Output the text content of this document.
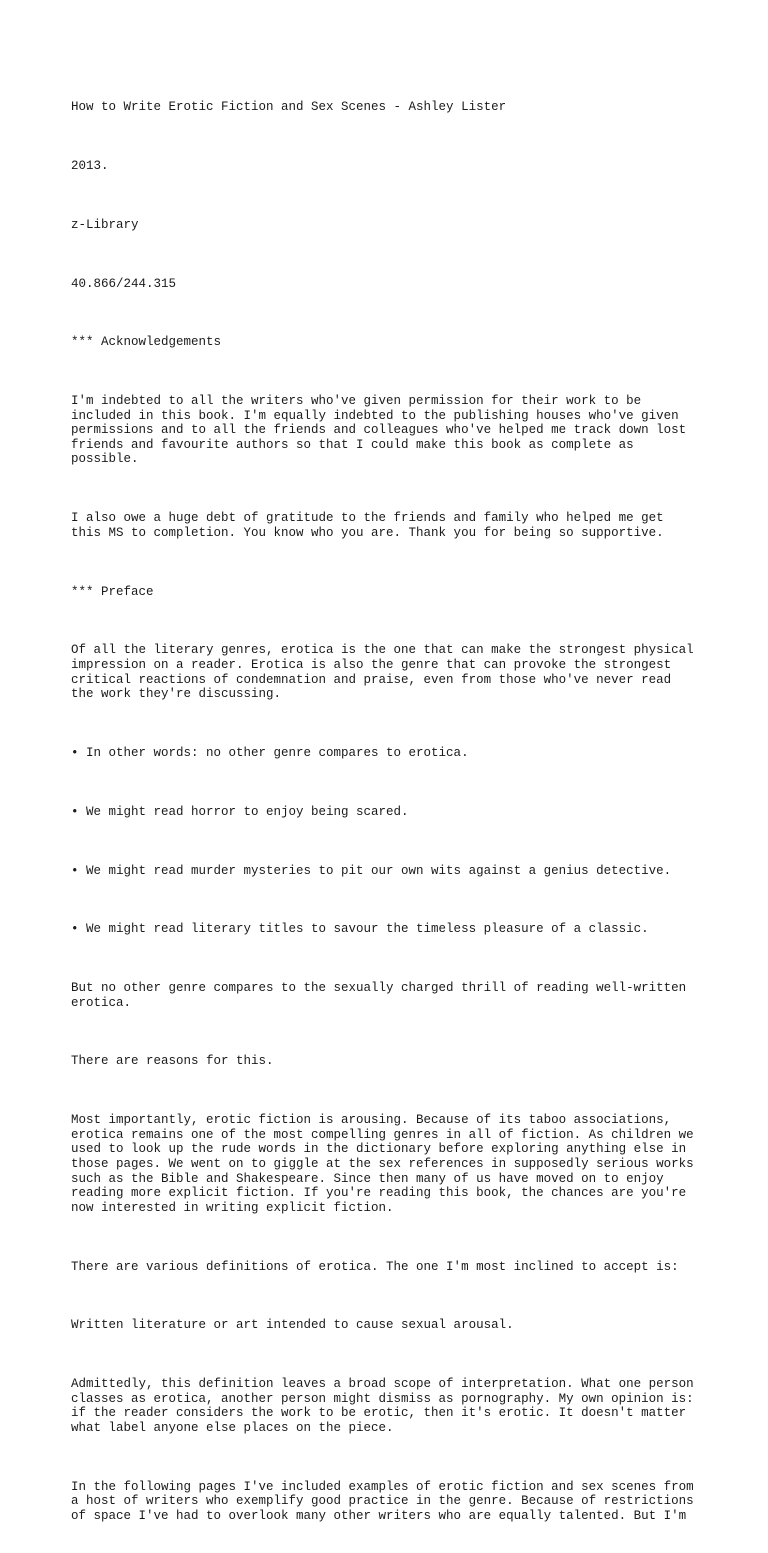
How to Write Erotic Fiction and Sex Scenes - Ashley Lister

2013.

z-Library

40.866/244.315

*** Acknowledgements

I'm indebted to all the writers who've given permission for their work to be
included in this book. I'm equally indebted to the publishing houses who've given
permissions and to all the friends and colleagues who've helped me track down lost
friends and favourite authors so that I could make this book as complete as
possible.

I also owe a huge debt of gratitude to the friends and family who helped me get
this MS to completion. You know who you are. Thank you for being so supportive.

*** Preface

Of all the literary genres, erotica is the one that can make the strongest physical
impression on a reader. Erotica is also the genre that can provoke the strongest
critical reactions of condemnation and praise, even from those who've never read
the work they're discussing.

• In other words: no other genre compares to erotica.

• We might read horror to enjoy being scared.

• We might read murder mysteries to pit our own wits against a genius detective.

• We might read literary titles to savour the timeless pleasure of a classic.

But no other genre compares to the sexually charged thrill of reading well-written
erotica.

There are reasons for this.

Most importantly, erotic fiction is arousing. Because of its taboo associations,
erotica remains one of the most compelling genres in all of fiction. As children we
used to look up the rude words in the dictionary before exploring anything else in
those pages. We went on to giggle at the sex references in supposedly serious works
such as the Bible and Shakespeare. Since then many of us have moved on to enjoy
reading more explicit fiction. If you're reading this book, the chances are you're
now interested in writing explicit fiction.

There are various definitions of erotica. The one I'm most inclined to accept is:

Written literature or art intended to cause sexual arousal.

Admittedly, this definition leaves a broad scope of interpretation. What one person
classes as erotica, another person might dismiss as pornography. My own opinion is:
if the reader considers the work to be erotic, then it's erotic. It doesn't matter
what label anyone else places on the piece.

In the following pages I've included examples of erotic fiction and sex scenes from
a host of writers who exemplify good practice in the genre. Because of restrictions
of space I've had to overlook many other writers who are equally talented. But I'm
